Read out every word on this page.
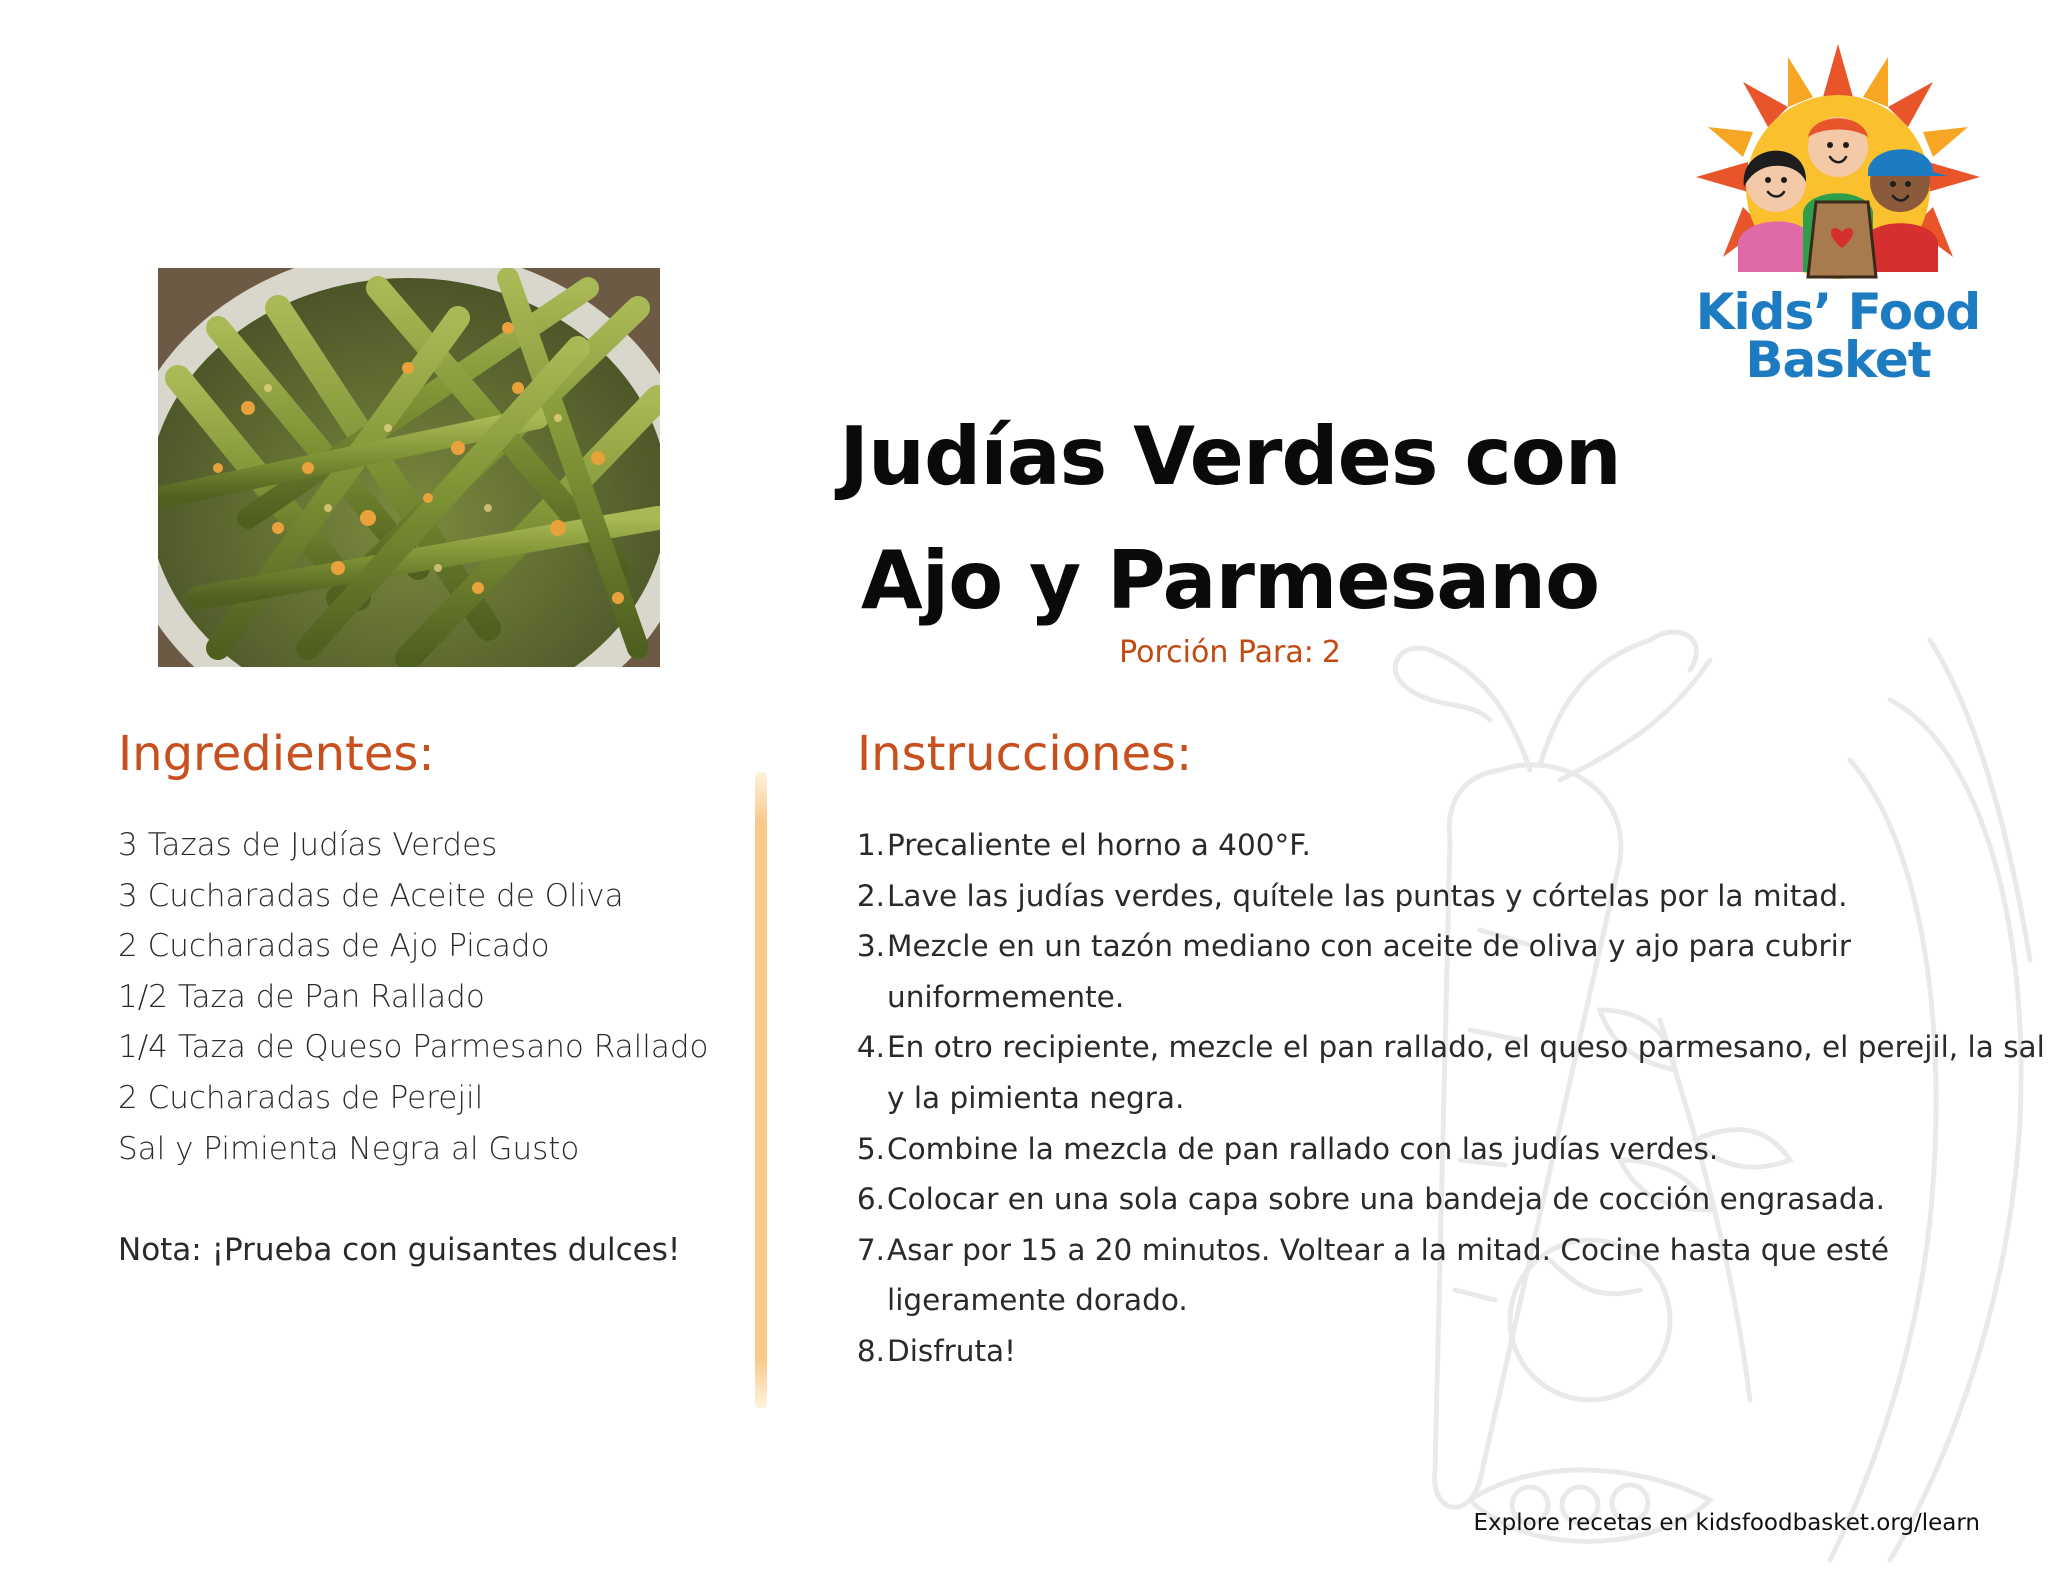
Kids’ Food
Basket
Judías Verdes con
Ajo y Parmesano
Porción Para: 2
Ingredientes:
3 Tazas de Judías Verdes
3 Cucharadas de Aceite de Oliva
2 Cucharadas de Ajo Picado
1/2 Taza de Pan Rallado
1/4 Taza de Queso Parmesano Rallado
2 Cucharadas de Perejil
Sal y Pimienta Negra al Gusto
Nota: ¡Prueba con guisantes dulces!
Instrucciones:
1. Precaliente el horno a 400°F.
2. Lave las judías verdes, quítele las puntas y córtelas por la mitad.
3. Mezcle en un tazón mediano con aceite de oliva y ajo para cubrir uniformemente.
4. En otro recipiente, mezcle el pan rallado, el queso parmesano, el perejil, la sal y la pimienta negra.
5. Combine la mezcla de pan rallado con las judías verdes.
6. Colocar en una sola capa sobre una bandeja de cocción engrasada.
7. Asar por 15 a 20 minutos. Voltear a la mitad. Cocine hasta que esté ligeramente dorado.
8. Disfruta!
Explore recetas en kidsfoodbasket.org/learn
